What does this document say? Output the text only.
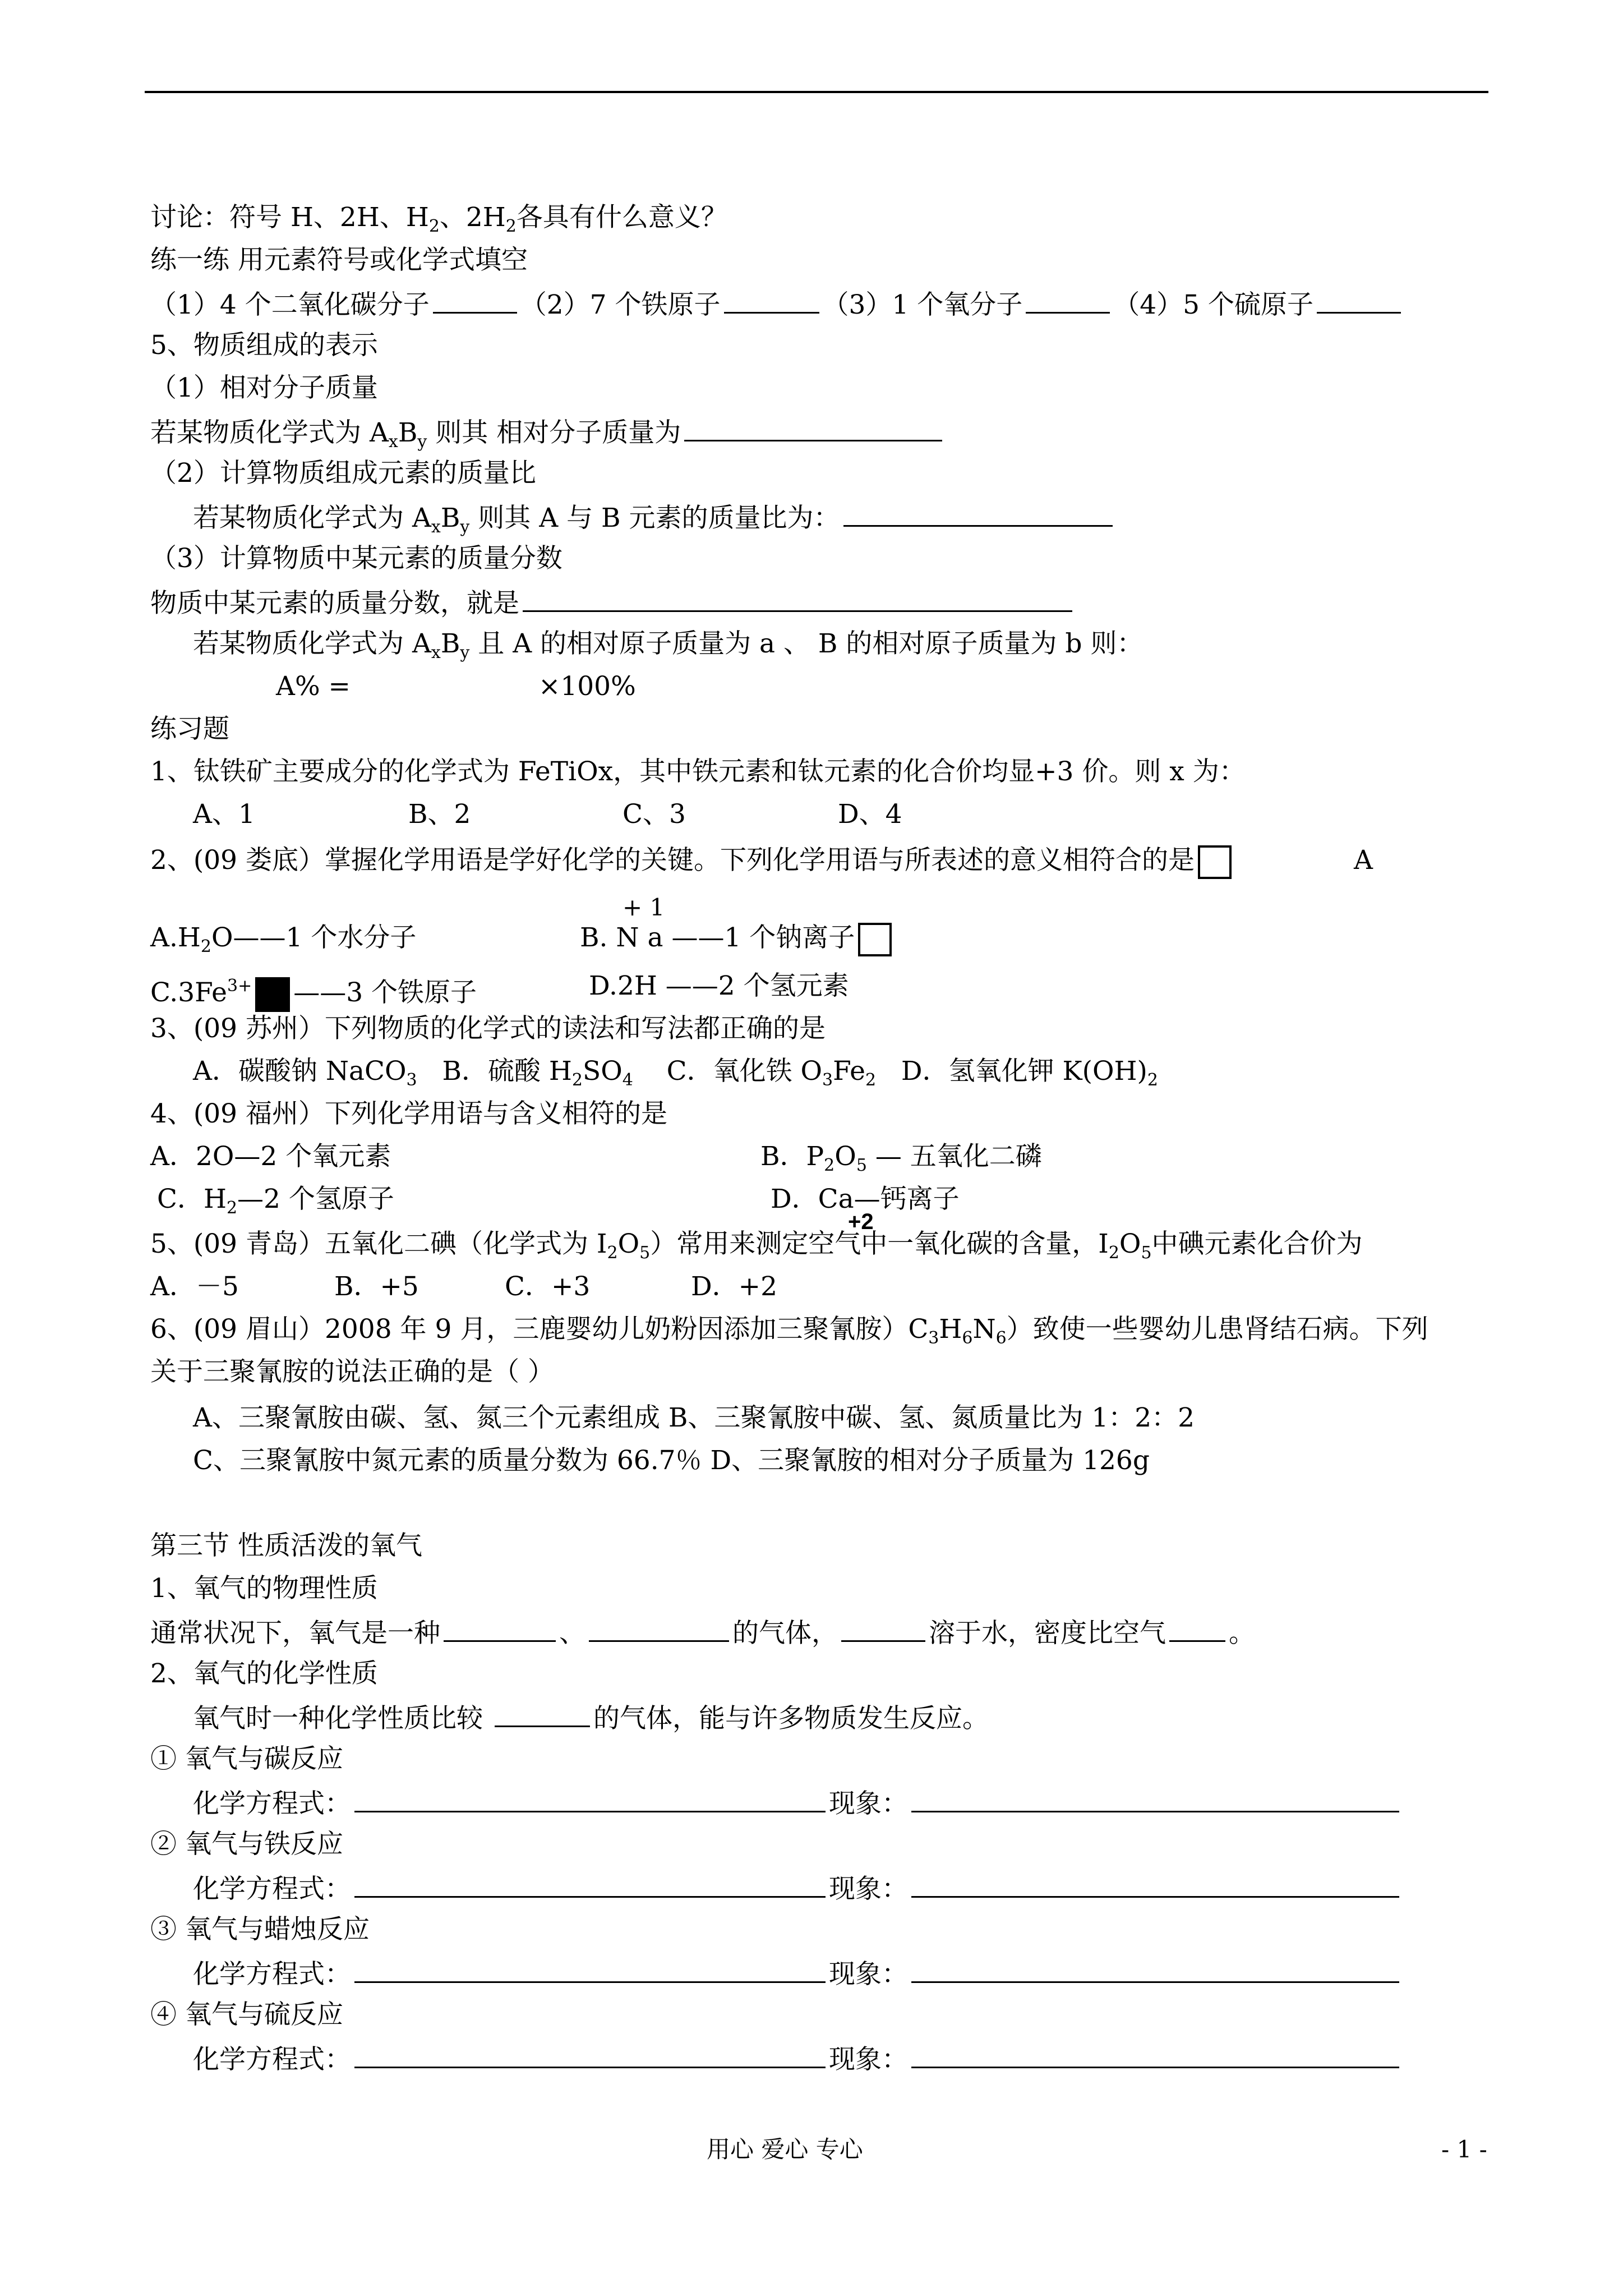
讨论：符号 H、2H、$H_2$、$2H_2$各具有什么意义？
练一练 用元素符号或化学式填空
（1）4 个二氧化碳分子	（2）7 个铁原子	（3）1 个氧分子	（4）5 个硫原子
5、物质组成的表示
（1）相对分子质量
若某物质化学式为 $A_xB_y$ 则其 相对分子质量为
（2）计算物质组成元素的质量比
若某物质化学式为 $A_xB_y$ 则其 A 与 B 元素的质量比为：
（3）计算物质中某元素的质量分数
物质中某元素的质量分数，就是
若某物质化学式为 $A_xB_y$ 且 A 的相对原子质量为 a 、 B 的相对原子质量为 b 则：
A% =	×100%
练习题
1、钛铁矿主要成分的化学式为 FeTiOx，其中铁元素和钛元素的化合价均显+3 价。则 x 为：
A、1	B、2	C、3	D、4
2、(09 娄底）掌握化学用语是学好化学的关键。下列化学用语与所表述的意义相符合的是	A
+ 1
$A.H_2O——1$ 个水分子	B. N a ——1 个钠离子
$C.3Fe^{3+}$ ——3 个铁原子	D.2H ——2 个氢元素
3、(09 苏州）下列物质的化学式的读法和写法都正确的是
A．碳酸钠 NaCO$_3$ B．硫酸 $H_2SO_4$ C．氧化铁 $O_3Fe_2$ D．氢氧化钾 $K(OH)_2$
4、(09 福州）下列化学用语与含义相符的是
A．2O—2 个氧元素	B．$P_2O_5$ — 五氧化二磷
C．$H_2—2$ 个氢原子	D．Ca—钙离子
+2
5、(09 青岛）五氧化二碘（化学式为 $I_2O_5$）常用来测定空气中一氧化碳的含量，$I_2O_5$中碘元素化合价为
A．－5	B．+5	C．+3	D．+2
6、(09 眉山）2008 年 9 月，三鹿婴幼儿奶粉因添加三聚氰胺）$C_3H_6N_6$）致使一些婴幼儿患肾结石病。下列
关于三聚氰胺的说法正确的是（ ）
A、三聚氰胺由碳、氢、氮三个元素组成 B、三聚氰胺中碳、氢、氮质量比为 1：2：2
C、三聚氰胺中氮元素的质量分数为 66.7％ D、三聚氰胺的相对分子质量为 126g
第三节 性质活泼的氧气
1、氧气的物理性质
通常状况下，氧气是一种	、	的气体，	溶于水，密度比空气 。
2、氧气的化学性质
氧气时一种化学性质比较	的气体，能与许多物质发生反应。
① 氧气与碳反应
化学方程式：	现象：
② 氧气与铁反应
化学方程式：	现象：
③ 氧气与蜡烛反应
化学方程式：	现象：
④ 氧气与硫反应
化学方程式：	现象：
用心 爱心 专心	- 1 -
